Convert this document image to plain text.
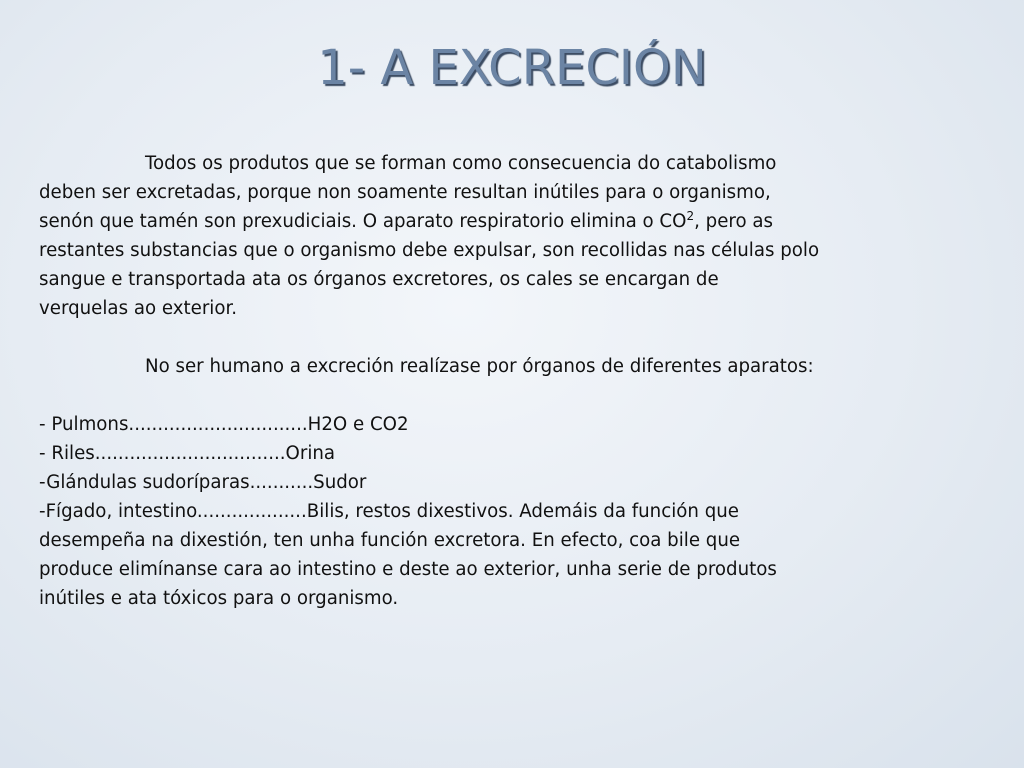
1- A EXCRECIÓN
Todos os produtos que se forman como consecuencia do catabolismo
deben ser excretadas, porque non soamente resultan inútiles para o organismo,
senón que tamén son prexudiciais. O aparato respiratorio elimina o $CO^2$, pero as
restantes substancias que o organismo debe expulsar, son recollidas nas células polo
sangue e transportada ata os órganos excretores, os cales se encargan de
verquelas ao exterior.
No ser humano a excreción realízase por órganos de diferentes aparatos:
- Pulmons...............................H2O e CO2
- Riles.................................Orina
-Glándulas sudoríparas...........Sudor
-Fígado, intestino...................Bilis, restos dixestivos. Ademáis da función que
desempeña na dixestión, ten unha función excretora. En efecto, coa bile que
produce elimínanse cara ao intestino e deste ao exterior, unha serie de produtos
inútiles e ata tóxicos para o organismo.
